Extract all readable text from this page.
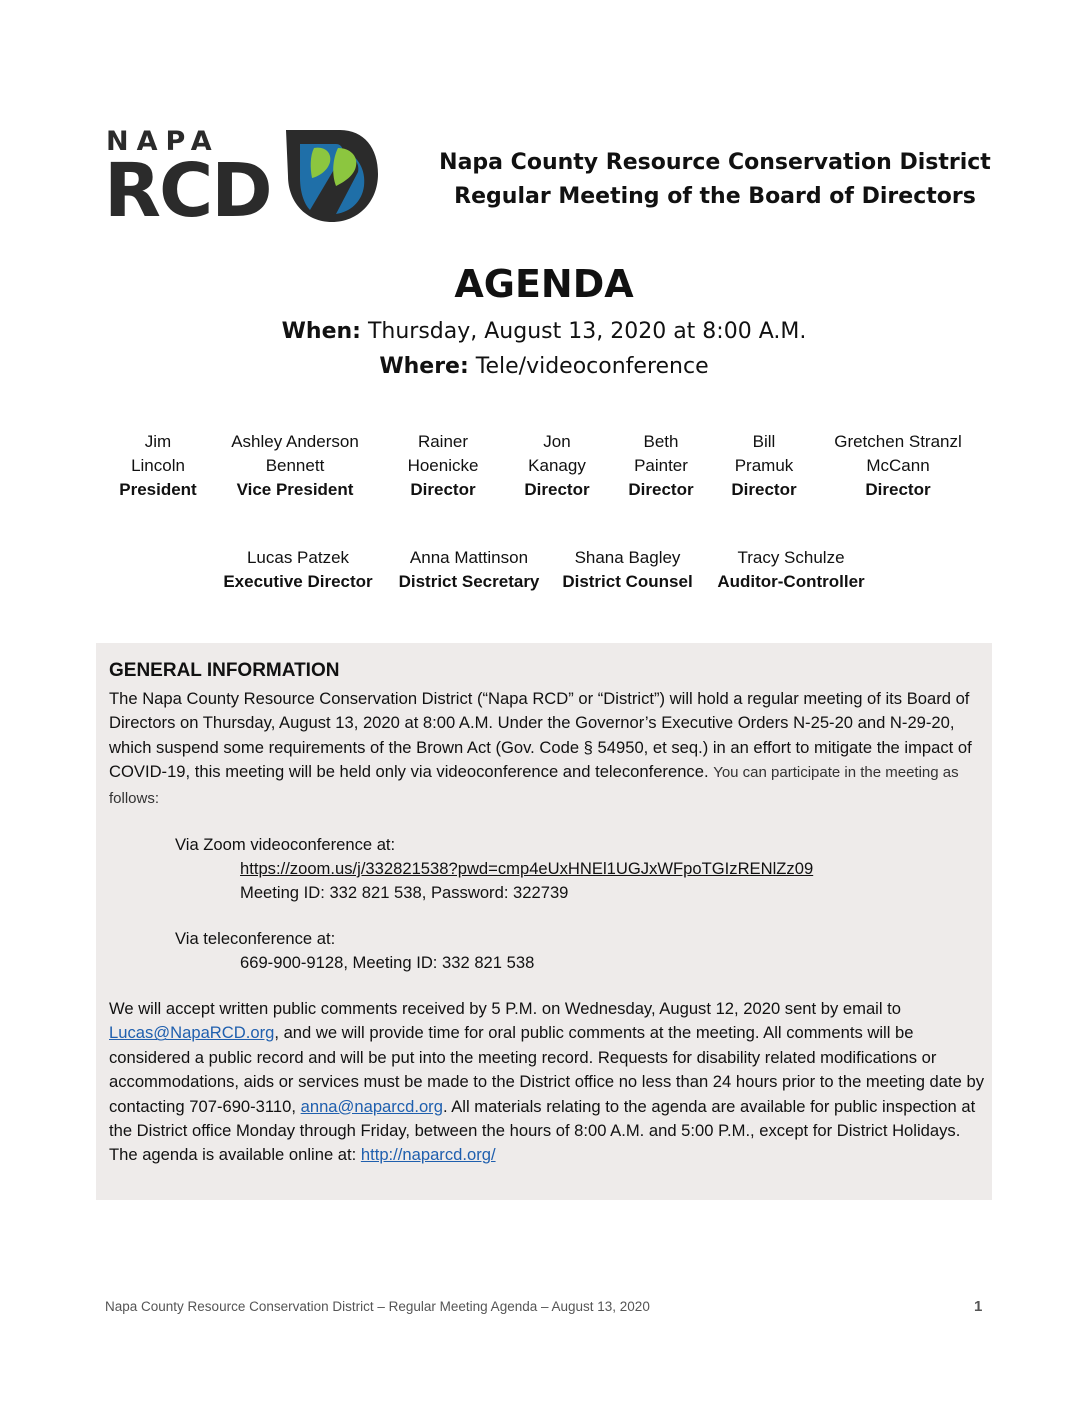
NAPA
RCD	Napa County Resource Conservation District
Regular Meeting of the Board of Directors
AGENDA
When: Thursday, August 13, 2020 at 8:00 A.M.
Where: Tele/videoconference
Jim
Lincoln
President
Ashley Anderson
Bennett
Vice President
Rainer
Hoenicke
Director
Jon
Kanagy
Director
Beth
Painter
Director
Bill
Pramuk
Director
Gretchen Stranzl
McCann
Director
Lucas Patzek
Executive Director
Anna Mattinson
District Secretary
Shana Bagley
District Counsel
Tracy Schulze
Auditor-Controller
GENERAL INFORMATION
The Napa County Resource Conservation District (“Napa RCD” or “District”) will hold a regular meeting of its Board of Directors on Thursday, August 13, 2020 at 8:00 A.M. Under the Governor’s Executive Orders N-25-20 and N-29-20, which suspend some requirements of the Brown Act (Gov. Code § 54950, et seq.) in an effort to mitigate the impact of COVID-19, this meeting will be held only via videoconference and teleconference. You can participate in the meeting as follows:
Via Zoom videoconference at:
https://zoom.us/j/332821538?pwd=cmp4eUxHNEl1UGJxWFpoTGIzRENlZz09
Meeting ID: 332 821 538, Password: 322739
Via teleconference at:
669-900-9128, Meeting ID: 332 821 538
We will accept written public comments received by 5 P.M. on Wednesday, August 12, 2020 sent by email to Lucas@NapaRCD.org, and we will provide time for oral public comments at the meeting. All comments will be considered a public record and will be put into the meeting record. Requests for disability related modifications or accommodations, aids or services must be made to the District office no less than 24 hours prior to the meeting date by contacting 707-690-3110, anna@naparcd.org. All materials relating to the agenda are available for public inspection at the District office Monday through Friday, between the hours of 8:00 A.M. and 5:00 P.M., except for District Holidays. The agenda is available online at: http://naparcd.org/
Napa County Resource Conservation District – Regular Meeting Agenda – August 13, 2020	1
